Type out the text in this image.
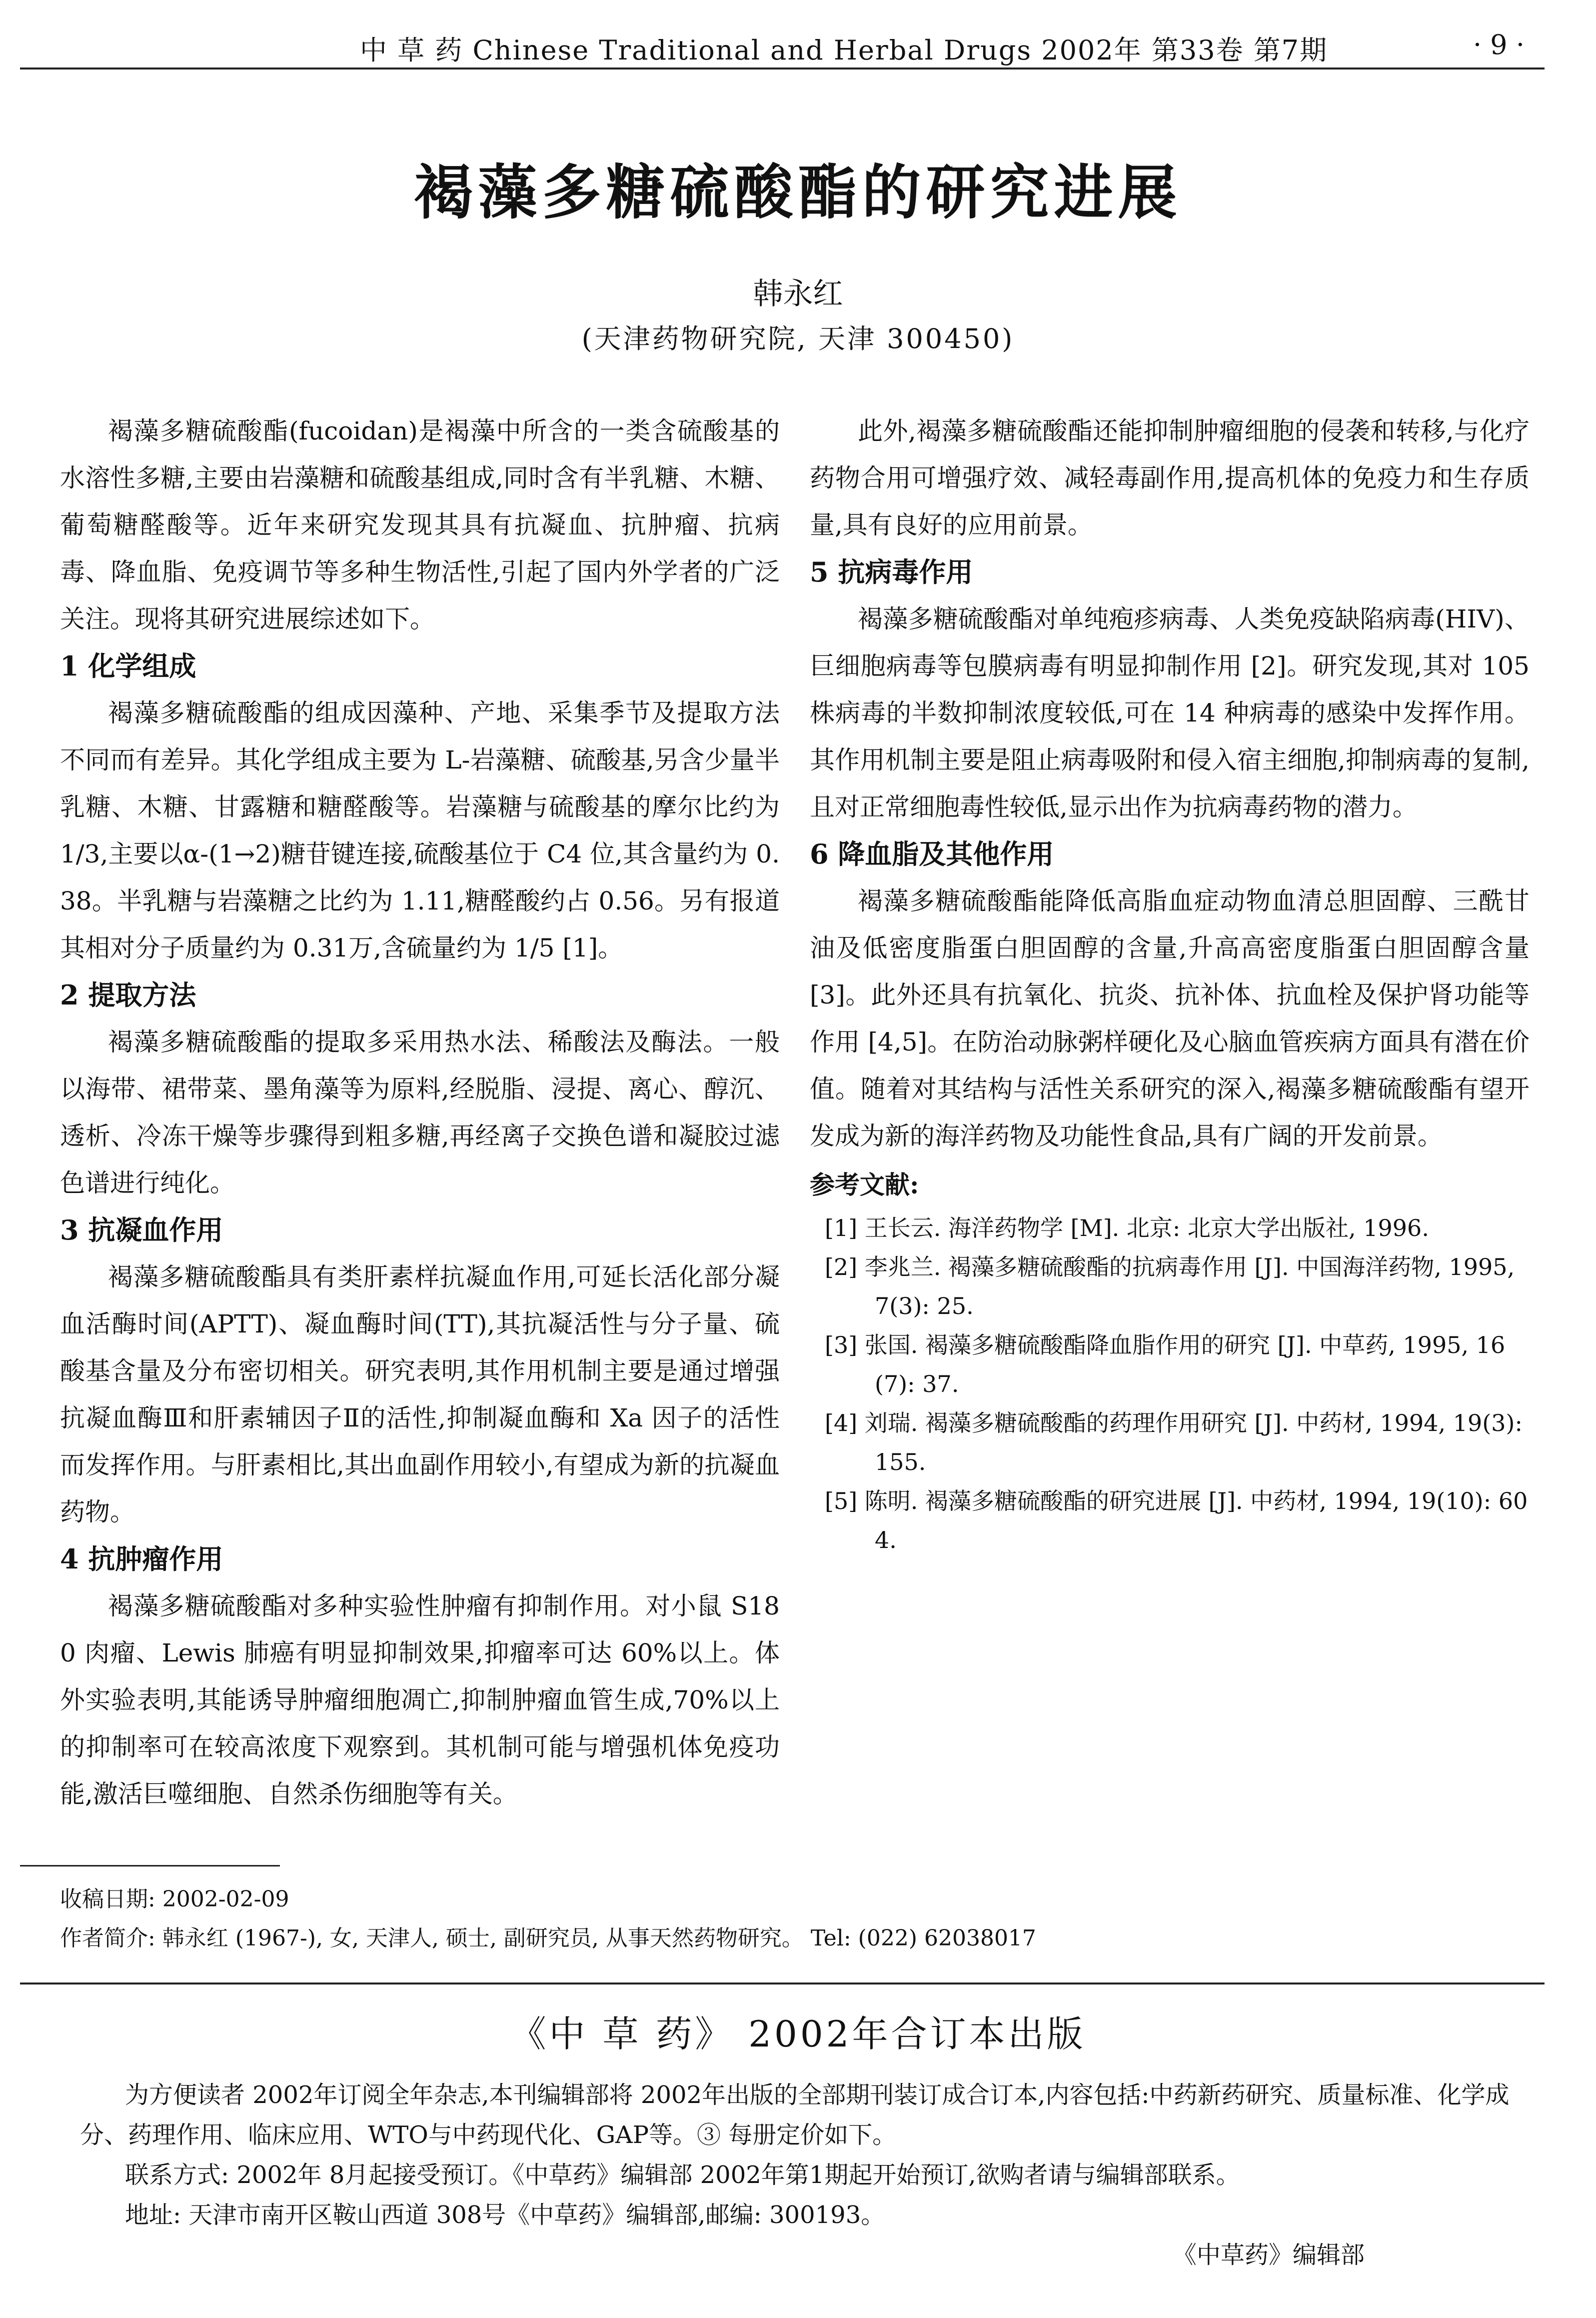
中 草 药 Chinese Traditional and Herbal Drugs 2002年 第33卷 第7期	· 9 ·
褐藻多糖硫酸酯的研究进展
韩永红
(天津药物研究院, 天津 300450)

褐藻多糖硫酸酯(fucoidan)是褐藻中所含的一类含硫酸基的水溶性多糖,主要由岩藻糖和硫酸基组成,同时含有半乳糖、木糖、葡萄糖醛酸等。近年来研究发现其具有抗凝血、抗肿瘤、抗病毒、降血脂、免疫调节等多种生物活性,引起了国内外学者的广泛关注。现将其研究进展综述如下。

1 化学组成

褐藻多糖硫酸酯的组成因藻种、产地、采集季节及提取方法不同而有差异。其化学组成主要为 L-岩藻糖、硫酸基,另含少量半乳糖、木糖、甘露糖和糖醛酸等。岩藻糖与硫酸基的摩尔比约为 1/3,主要以α-(1→2)糖苷键连接,硫酸基位于 C4 位,其含量约为 0.38。半乳糖与岩藻糖之比约为 1.11,糖醛酸约占 0.56。另有报道其相对分子质量约为 0.31万,含硫量约为 1/5 [1]。

2 提取方法

褐藻多糖硫酸酯的提取多采用热水法、稀酸法及酶法。一般以海带、裙带菜、墨角藻等为原料,经脱脂、浸提、离心、醇沉、透析、冷冻干燥等步骤得到粗多糖,再经离子交换色谱和凝胶过滤色谱进行纯化。

3 抗凝血作用

褐藻多糖硫酸酯具有类肝素样抗凝血作用,可延长活化部分凝血活酶时间(APTT)、凝血酶时间(TT),其抗凝活性与分子量、硫酸基含量及分布密切相关。研究表明,其作用机制主要是通过增强抗凝血酶Ⅲ和肝素辅因子Ⅱ的活性,抑制凝血酶和 Xa 因子的活性而发挥作用。与肝素相比,其出血副作用较小,有望成为新的抗凝血药物。

4 抗肿瘤作用

褐藻多糖硫酸酯对多种实验性肿瘤有抑制作用。对小鼠 S180 肉瘤、Lewis 肺癌有明显抑制效果,抑瘤率可达 60%以上。体外实验表明,其能诱导肿瘤细胞凋亡,抑制肿瘤血管生成,70%以上的抑制率可在较高浓度下观察到。其机制可能与增强机体免疫功能,激活巨噬细胞、自然杀伤细胞等有关。

此外,褐藻多糖硫酸酯还能抑制肿瘤细胞的侵袭和转移,与化疗药物合用可增强疗效、减轻毒副作用,提高机体的免疫力和生存质量,具有良好的应用前景。

5 抗病毒作用

褐藻多糖硫酸酯对单纯疱疹病毒、人类免疫缺陷病毒(HIV)、巨细胞病毒等包膜病毒有明显抑制作用 [2]。研究发现,其对 105 株病毒的半数抑制浓度较低,可在 14 种病毒的感染中发挥作用。其作用机制主要是阻止病毒吸附和侵入宿主细胞,抑制病毒的复制,且对正常细胞毒性较低,显示出作为抗病毒药物的潜力。

6 降血脂及其他作用

褐藻多糖硫酸酯能降低高脂血症动物血清总胆固醇、三酰甘油及低密度脂蛋白胆固醇的含量,升高高密度脂蛋白胆固醇含量 [3]。此外还具有抗氧化、抗炎、抗补体、抗血栓及保护肾功能等作用 [4,5]。在防治动脉粥样硬化及心脑血管疾病方面具有潜在价值。随着对其结构与活性关系研究的深入,褐藻多糖硫酸酯有望开发成为新的海洋药物及功能性食品,具有广阔的开发前景。

参考文献:
[1] 王长云. 海洋药物学 [M]. 北京: 北京大学出版社, 1996.
[2] 李兆兰. 褐藻多糖硫酸酯的抗病毒作用 [J]. 中国海洋药物, 1995, 7(3): 25.
[3] 张国. 褐藻多糖硫酸酯降血脂作用的研究 [J]. 中草药, 1995, 16(7): 37.
[4] 刘瑞. 褐藻多糖硫酸酯的药理作用研究 [J]. 中药材, 1994, 19(3): 155.
[5] 陈明. 褐藻多糖硫酸酯的研究进展 [J]. 中药材, 1994, 19(10): 604.
收稿日期: 2002-02-09
作者简介: 韩永红 (1967-), 女, 天津人, 硕士, 副研究员, 从事天然药物研究。 Tel: (022) 62038017
《中 草 药》 2002年合订本出版

为方便读者 2002年订阅全年杂志,本刊编辑部将 2002年出版的全部期刊装订成合订本,内容包括:中药新药研究、质量标准、化学成分、药理作用、临床应用、WTO与中药现代化、GAP等。③ 每册定价如下。

联系方式: 2002年 8月起接受预订。《中草药》编辑部 2002年第1期起开始预订,欲购者请与编辑部联系。

地址: 天津市南开区鞍山西道 308号《中草药》编辑部,邮编: 300193。

《中草药》编辑部
